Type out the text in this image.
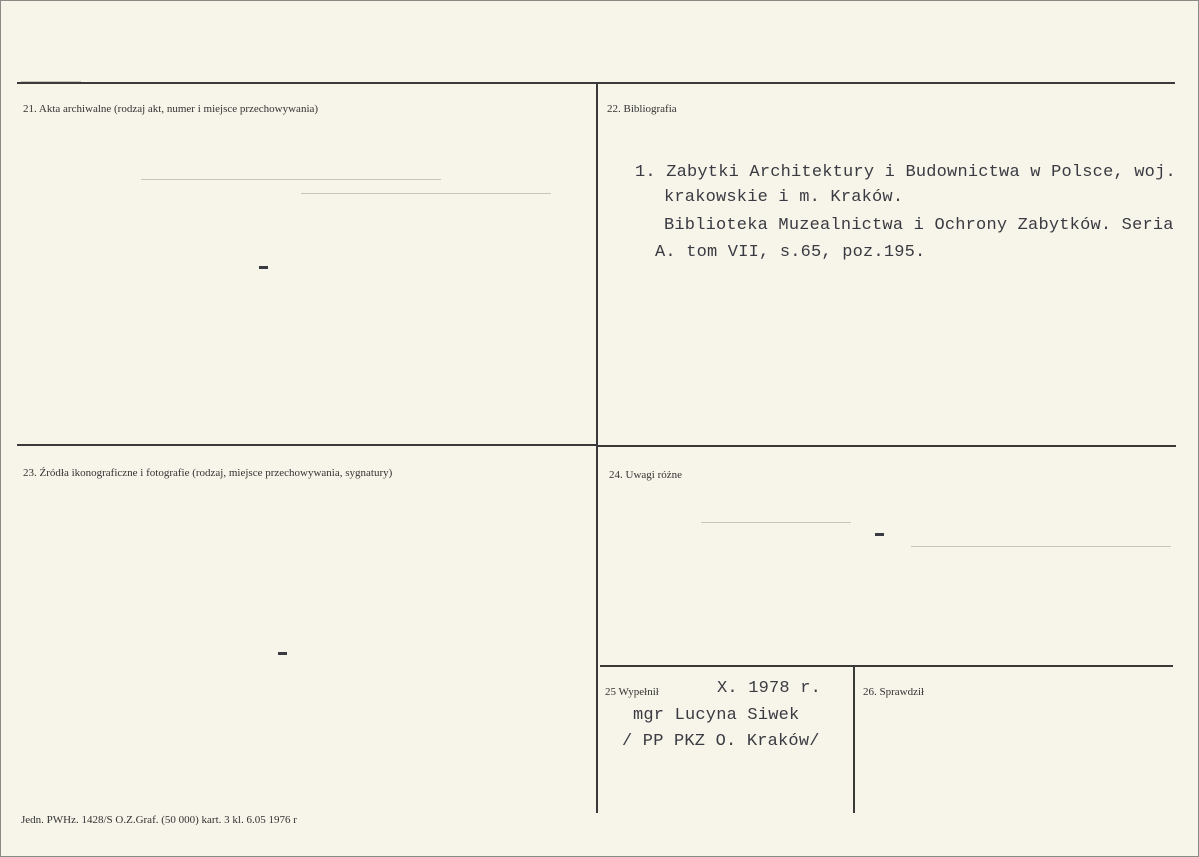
21. Akta archiwalne (rodzaj akt, numer i miejsce przechowywania)	22. Bibliografia
1. Zabytki Architektury i Budownictwa w Polsce, woj.
krakowskie i m. Kraków.
Biblioteka Muzealnictwa i Ochrony Zabytków. Seria
A. tom VII, s.65, poz.195.
23. Źródła ikonograficzne i fotografie (rodzaj, miejsce przechowywania, sygnatury)	24. Uwagi różne
25 Wypełnił	X. 1978 r.
mgr Lucyna Siwek
/ PP PKZ O. Kraków/
26. Sprawdził
Jedn. PWHz. 1428/S O.Z.Graf. (50 000) kart. 3 kl. 6.05 1976 r
